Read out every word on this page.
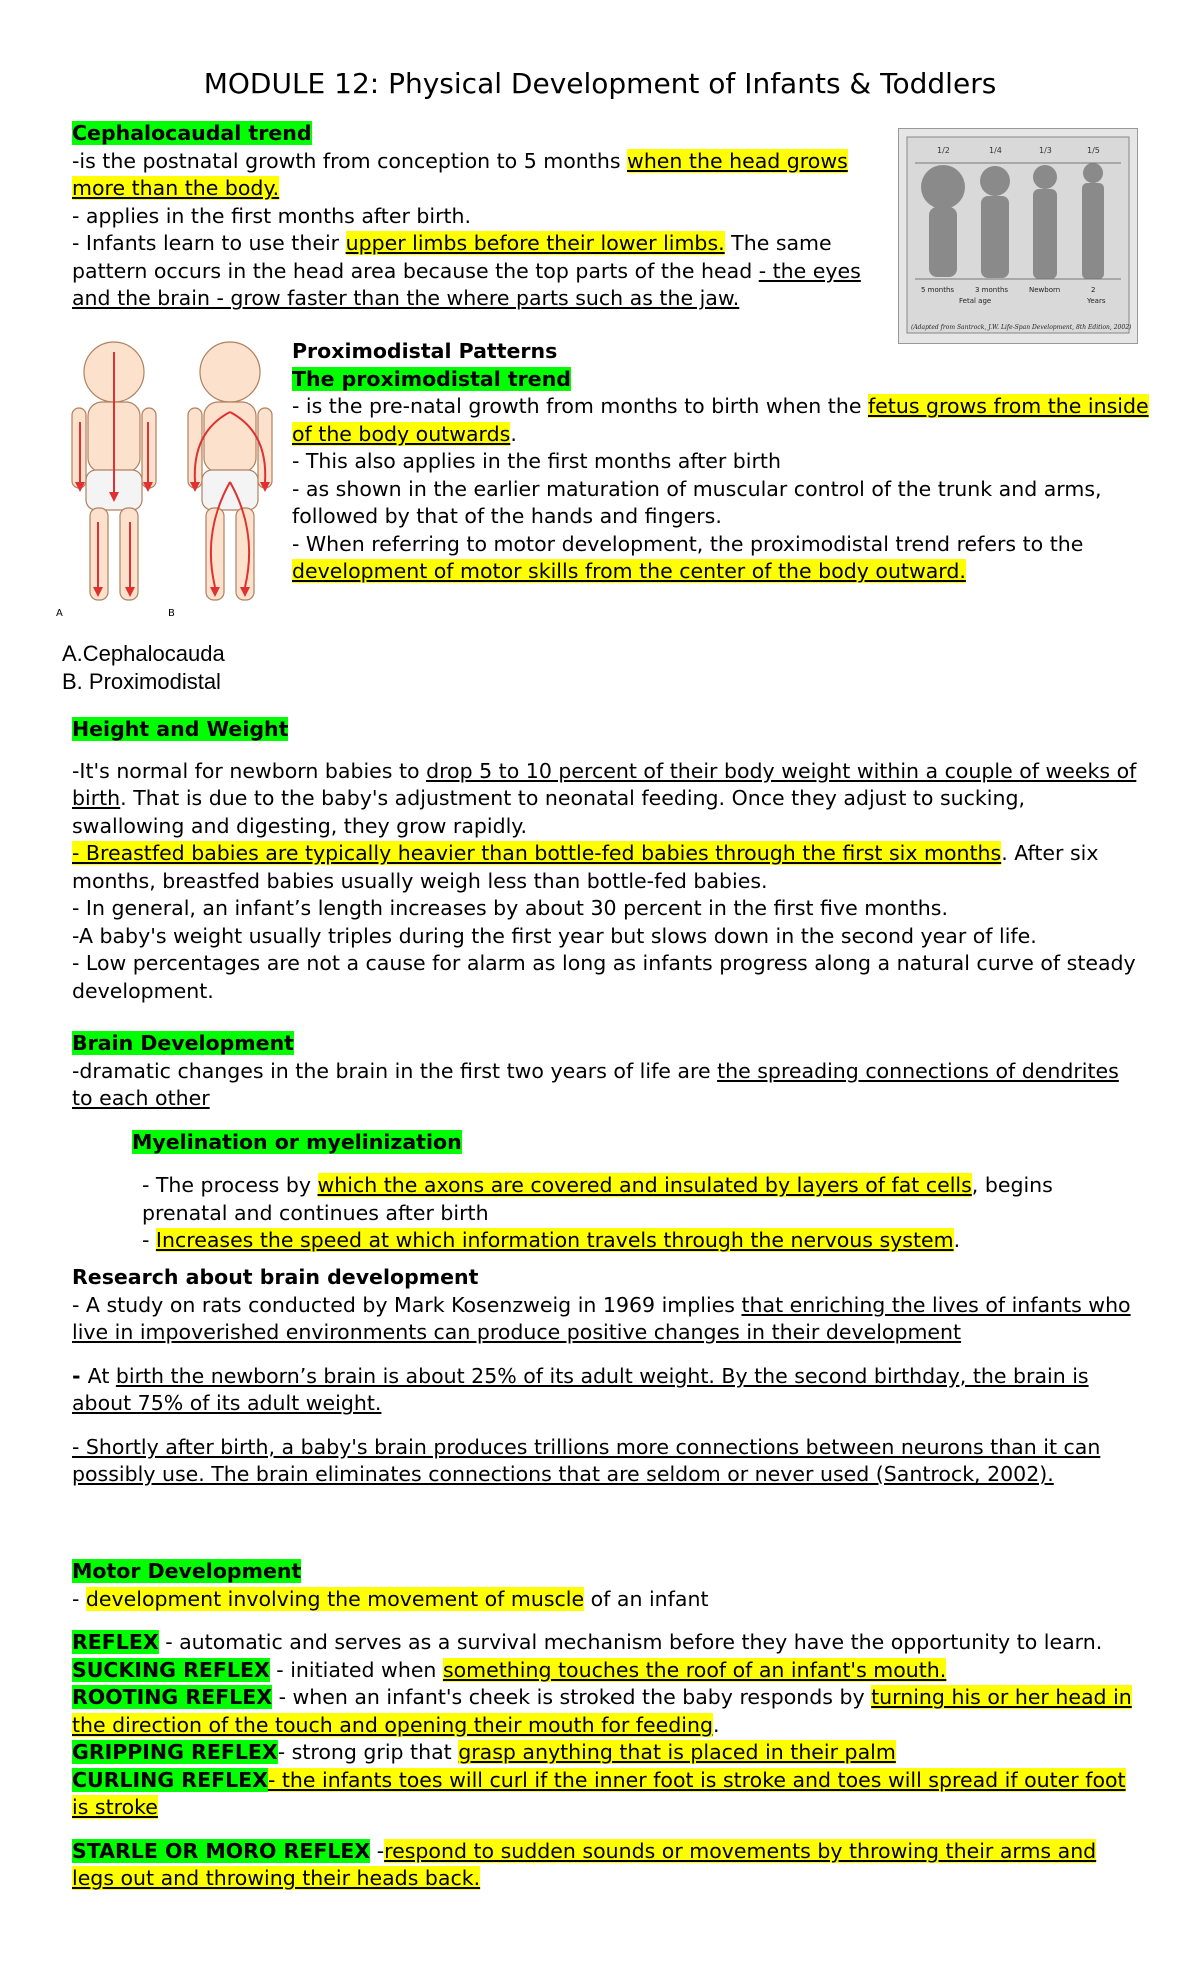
MODULE 12: Physical Development of Infants & Toddlers

Cephalocaudal trend

-is the postnatal growth from conception to 5 months when the head grows more than the body.

- applies in the first months after birth.

- Infants learn to use their upper limbs before their lower limbs. The same pattern occurs in the head area because the top parts of the head - the eyes and the brain - grow faster than the where parts such as the jaw.

1/2	1/4	1/3	1/5
5 months	3 months	Newborn	2
Fetal age	Years
(Adapted from Santrock, J.W. Life-Span Development, 8th Edition, 2002)
A	B

A.Cephalocauda

B. Proximodistal

Proximodistal Patterns

The proximodistal trend

- is the pre-natal growth from months to birth when the fetus grows from the inside of the body outwards.

- This also applies in the first months after birth

- as shown in the earlier maturation of muscular control of the trunk and arms, followed by that of the hands and fingers.

- When referring to motor development, the proximodistal trend refers to the development of motor skills from the center of the body outward.

Height and Weight

-It's normal for newborn babies to drop 5 to 10 percent of their body weight within a couple of weeks of birth. That is due to the baby's adjustment to neonatal feeding. Once they adjust to sucking, swallowing and digesting, they grow rapidly.

- Breastfed babies are typically heavier than bottle-fed babies through the first six months. After six months, breastfed babies usually weigh less than bottle-fed babies.

- In general, an infant’s length increases by about 30 percent in the first five months.

-A baby's weight usually triples during the first year but slows down in the second year of life.

- Low percentages are not a cause for alarm as long as infants progress along a natural curve of steady development.

Brain Development

-dramatic changes in the brain in the first two years of life are the spreading connections of dendrites to each other

Myelination or myelinization

- The process by which the axons are covered and insulated by layers of fat cells, begins prenatal and continues after birth

- Increases the speed at which information travels through the nervous system.

Research about brain development

- A study on rats conducted by Mark Kosenzweig in 1969 implies that enriching the lives of infants who live in impoverished environments can produce positive changes in their development

- At birth the newborn’s brain is about 25% of its adult weight. By the second birthday, the brain is about 75% of its adult weight.

- Shortly after birth, a baby's brain produces trillions more connections between neurons than it can possibly use. The brain eliminates connections that are seldom or never used (Santrock, 2002).

Motor Development

- development involving the movement of muscle of an infant

REFLEX - automatic and serves as a survival mechanism before they have the opportunity to learn.

SUCKING REFLEX - initiated when something touches the roof of an infant's mouth.

ROOTING REFLEX - when an infant's cheek is stroked the baby responds by turning his or her head in the direction of the touch and opening their mouth for feeding.

GRIPPING REFLEX- strong grip that grasp anything that is placed in their palm

CURLING REFLEX- the infants toes will curl if the inner foot is stroke and toes will spread if outer foot is stroke

STARLE OR MORO REFLEX -respond to sudden sounds or movements by throwing their arms and legs out and throwing their heads back.
